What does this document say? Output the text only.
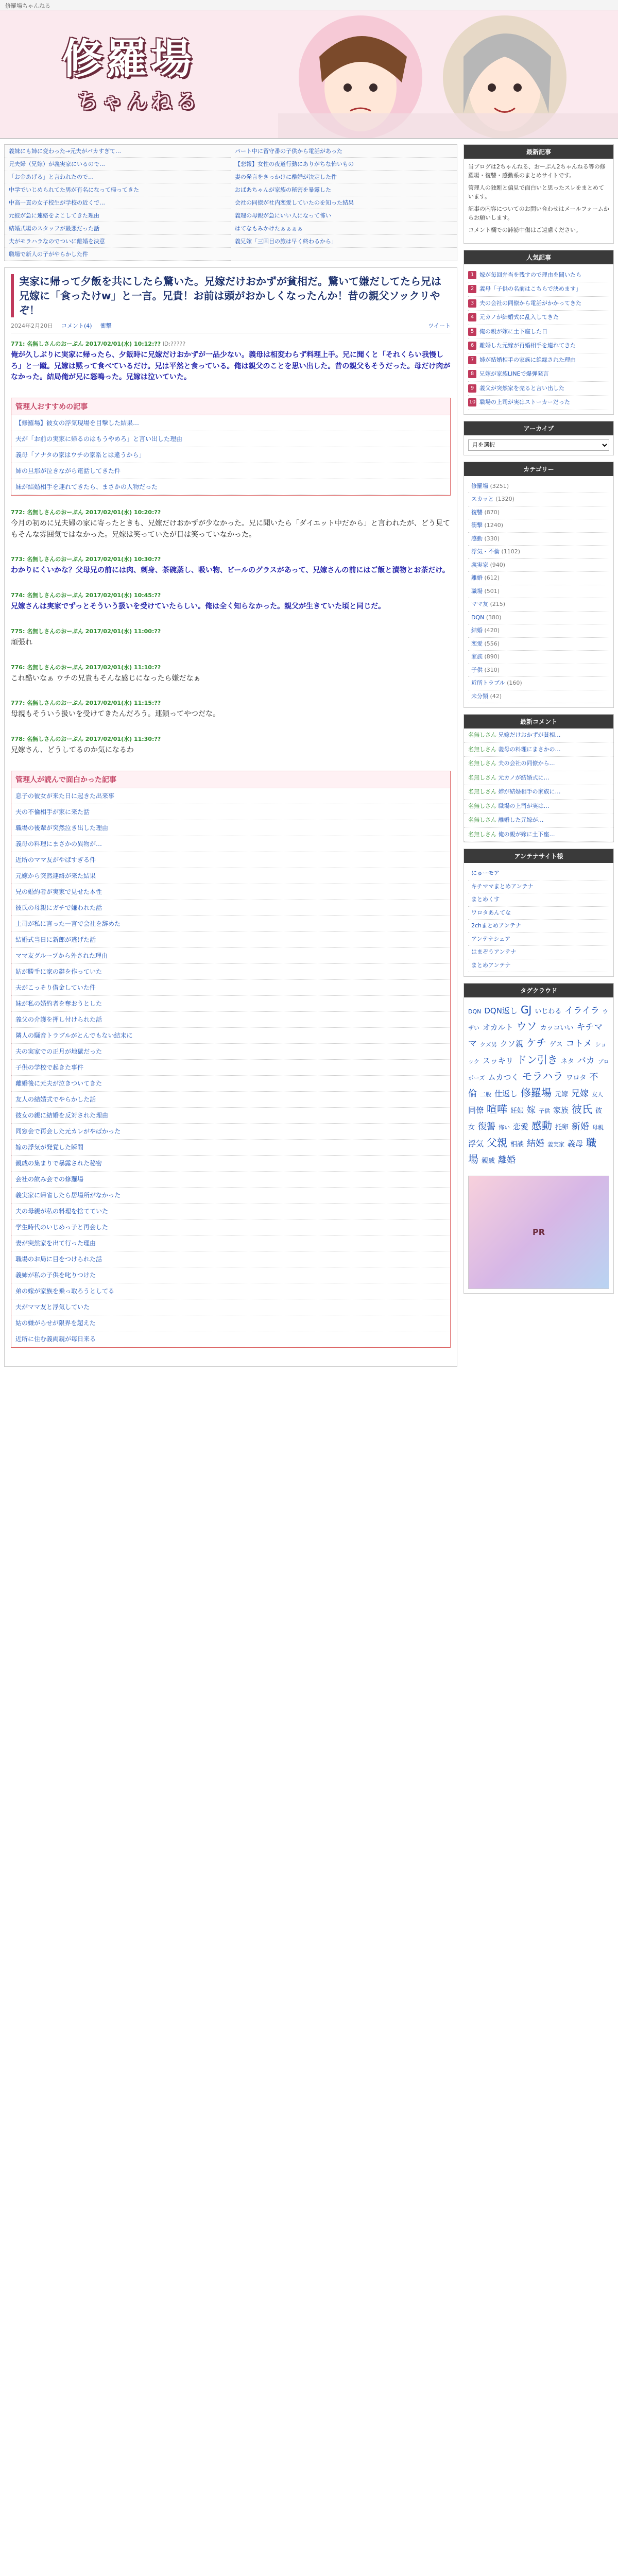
修羅場ちゃんねる
修羅場
ちゃんねる
義妹にも姉に変わった→元夫がバカすぎて…	パート中に留守番の子供から電話があった
兄夫婦（兄嫁）が義実家にいるので…	【悲報】女性の夜道行動にありがちな怖いもの
「お金あげる」と言われたので…	妻の発言をきっかけに離婚が決定した件
中学でいじめられてた男が有名になって帰ってきた	おばあちゃんが家族の秘密を暴露した
中高一貫の女子校生が学校の近くで…	会社の同僚が社内恋愛していたのを知った結果
元彼が急に連絡をよこしてきた理由	義理の母親が急にいい人になって怖い
結婚式場のスタッフが最悪だった話	はてなもみかけたぁぁぁぁ
夫がモラハラなのでついに離婚を決意	義兄嫁「三回目の旅は早く終わるから」
職場で新人の子がやらかした件
実家に帰って夕飯を共にしたら驚いた。兄嫁だけおかずが貧相だ。驚いて嫌だしてたら兄は兄嫁に「食ったけw」と一言。兄貴！お前は頭がおかしくなったんか！昔の親父ソックリやぞ！
2024年2月20日 コメント(4) 衝撃	ツイート
771: 名無しさんのおーぷん 2017/02/01(水) 10:12:?? ID:?????
俺が久しぶりに実家に帰ったら、夕飯時に兄嫁だけおかずが一品少ない。義母は相変わらず料理上手。兄に聞くと「それくらい我慢しろ」と一蹴。兄嫁は黙って食べているだけ。兄は平然と食っている。俺は親父のことを思い出した。昔の親父もそうだった。母だけ肉がなかった。結局俺が兄に怒鳴った。兄嫁は泣いていた。
管理人おすすめの記事
【修羅場】彼女の浮気現場を目撃した結果…
夫が「お前の実家に帰るのはもうやめろ」と言い出した理由
義母「アナタの家はウチの家系とは違うから」
姉の旦那が泣きながら電話してきた件
妹が結婚相手を連れてきたら、まさかの人物だった
772: 名無しさんのおーぷん 2017/02/01(水) 10:20:??
今月の初めに兄夫婦の家に寄ったときも、兄嫁だけおかずが少なかった。兄に聞いたら「ダイエット中だから」と言われたが、どう見てもそんな雰囲気ではなかった。兄嫁は笑っていたが目は笑っていなかった。
773: 名無しさんのおーぷん 2017/02/01(水) 10:30:??
わかりにくいかな？父母兄の前には肉、刺身、茶碗蒸し、吸い物、ビールのグラスがあって、兄嫁さんの前にはご飯と漬物とお茶だけ。
774: 名無しさんのおーぷん 2017/02/01(水) 10:45:??
兄嫁さんは実家でずっとそういう扱いを受けていたらしい。俺は全く知らなかった。親父が生きていた頃と同じだ。
775: 名無しさんのおーぷん 2017/02/01(水) 11:00:??
頑張れ
776: 名無しさんのおーぷん 2017/02/01(水) 11:10:??
これ酷いなぁ ウチの兄貴もそんな感じになったら嫌だなぁ
777: 名無しさんのおーぷん 2017/02/01(水) 11:15:??
母親もそういう扱いを受けてきたんだろう。連鎖ってやつだな。
778: 名無しさんのおーぷん 2017/02/01(水) 11:30:??
兄嫁さん、どうしてるのか気になるわ
管理人が読んで面白かった記事
息子の彼女が来た日に起きた出来事
夫の不倫相手が家に来た話
職場の後輩が突然泣き出した理由
義母の料理にまさかの異物が…
近所のママ友がやばすぎる件
元嫁から突然連絡が来た結果
兄の婚約者が実家で見せた本性
彼氏の母親にガチで嫌われた話
上司が私に言った一言で会社を辞めた
結婚式当日に新郎が逃げた話
ママ友グループから外された理由
姑が勝手に家の鍵を作っていた
夫がこっそり借金していた件
妹が私の婚約者を奪おうとした
義父の介護を押し付けられた話
隣人の騒音トラブルがとんでもない結末に
夫の実家での正月が地獄だった
子供の学校で起きた事件
離婚後に元夫が泣きついてきた
友人の結婚式でやらかした話
彼女の親に結婚を反対された理由
同窓会で再会した元カレがやばかった
嫁の浮気が発覚した瞬間
親戚の集まりで暴露された秘密
会社の飲み会での修羅場
義実家に帰省したら居場所がなかった
夫の母親が私の料理を捨てていた
学生時代のいじめっ子と再会した
妻が突然家を出て行った理由
職場のお局に目をつけられた話
義姉が私の子供を叱りつけた
弟の嫁が家族を乗っ取ろうとしてる
夫がママ友と浮気していた
姑の嫌がらせが限界を超えた
近所に住む義両親が毎日来る
最新記事

当ブログは2ちゃんねる、おーぷん2ちゃんねる等の修羅場・復讐・感動系のまとめサイトです。

管理人の独断と偏見で面白いと思ったスレをまとめています。

記事の内容についてのお問い合わせはメールフォームからお願いします。

コメント欄での誹謗中傷はご遠慮ください。

人気記事
1 嫁が毎回弁当を残すので理由を聞いたら
2 義母「子供の名前はこちらで決めます」
3 夫の会社の同僚から電話がかかってきた
4 元カノが結婚式に乱入してきた
5 俺の親が嫁に土下座した日
6 離婚した元嫁が再婚相手を連れてきた
7 姉が結婚相手の家族に絶縁された理由
8 兄嫁が家族LINEで爆弾発言
9 義父が突然家を売ると言い出した
10 職場の上司が実はストーカーだった
アーカイブ
月を選択
カテゴリー
修羅場 (3251)
スカッと (1320)
復讐 (870)
衝撃 (1240)
感動 (330)
浮気・不倫 (1102)
義実家 (940)
離婚 (612)
職場 (501)
ママ友 (215)
DQN (380)
結婚 (420)
恋愛 (556)
家族 (890)
子供 (310)
近所トラブル (160)
未分類 (42)
最新コメント
名無しさん 兄嫁だけおかずが貧相…
名無しさん 義母の料理にまさかの…
名無しさん 夫の会社の同僚から…
名無しさん 元カノが結婚式に…
名無しさん 姉が結婚相手の家族に…
名無しさん 職場の上司が実は…
名無しさん 離婚した元嫁が…
名無しさん 俺の親が嫁に土下座…
アンテナサイト様
にゅーモア
キチママまとめアンテナ
まとめくす
ワロタあんてな
2chまとめアンテナ
アンテナシェア
はまぞうアンテナ
まとめアンテナ
タグクラウド
DQN DQN返し GJ いじわる イライラ ウザい オカルト ウソ カッコいい キチママ クズ男 クソ親 ケチ ゲス コトメ ショック スッキリ ドン引き ネタ バカ プロポーズ ムカつく モラハラ ワロタ 不倫 二股 仕返し 修羅場 元嫁 兄嫁 友人同僚 喧嘩 妊娠 嫁 子供 家族 彼氏 彼女 復讐 怖い 恋愛 感動 托卵 新婚 母親浮気 父親 相談 結婚 義実家 義母 職場 親戚 離婚
PR
